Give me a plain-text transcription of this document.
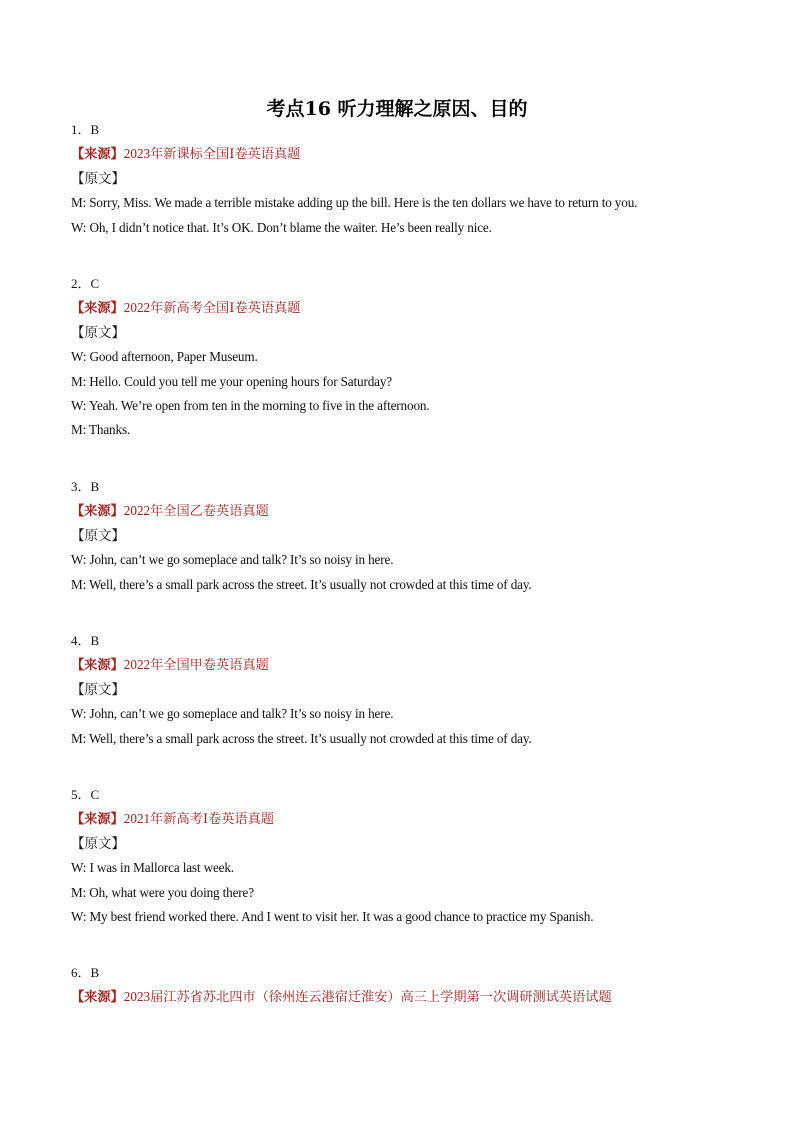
考点16 听力理解之原因、目的
1．B
【来源】2023年新课标全国Ⅰ卷英语真题
【原文】
M: Sorry, Miss. We made a terrible mistake adding up the bill. Here is the ten dollars we have to return to you.
W: Oh, I didn’t notice that. It’s OK. Don’t blame the waiter. He’s been really nice.
2．C
【来源】2022年新高考全国Ⅰ卷英语真题
【原文】
W: Good afternoon, Paper Museum.
M: Hello. Could you tell me your opening hours for Saturday?
W: Yeah. We’re open from ten in the morning to five in the afternoon.
M: Thanks.
3．B
【来源】2022年全国乙卷英语真题
【原文】
W: John, can’t we go someplace and talk? It’s so noisy in here.
M: Well, there’s a small park across the street. It’s usually not crowded at this time of day.
4．B
【来源】2022年全国甲卷英语真题
【原文】
W: John, can’t we go someplace and talk? It’s so noisy in here.
M: Well, there’s a small park across the street. It’s usually not crowded at this time of day.
5．C
【来源】2021年新高考Ⅰ卷英语真题
【原文】
W: I was in Mallorca last week.
M: Oh, what were you doing there?
W: My best friend worked there. And I went to visit her. It was a good chance to practice my Spanish.
6．B
【来源】2023届江苏省苏北四市（徐州连云港宿迁淮安）高三上学期第一次调研测试英语试题
